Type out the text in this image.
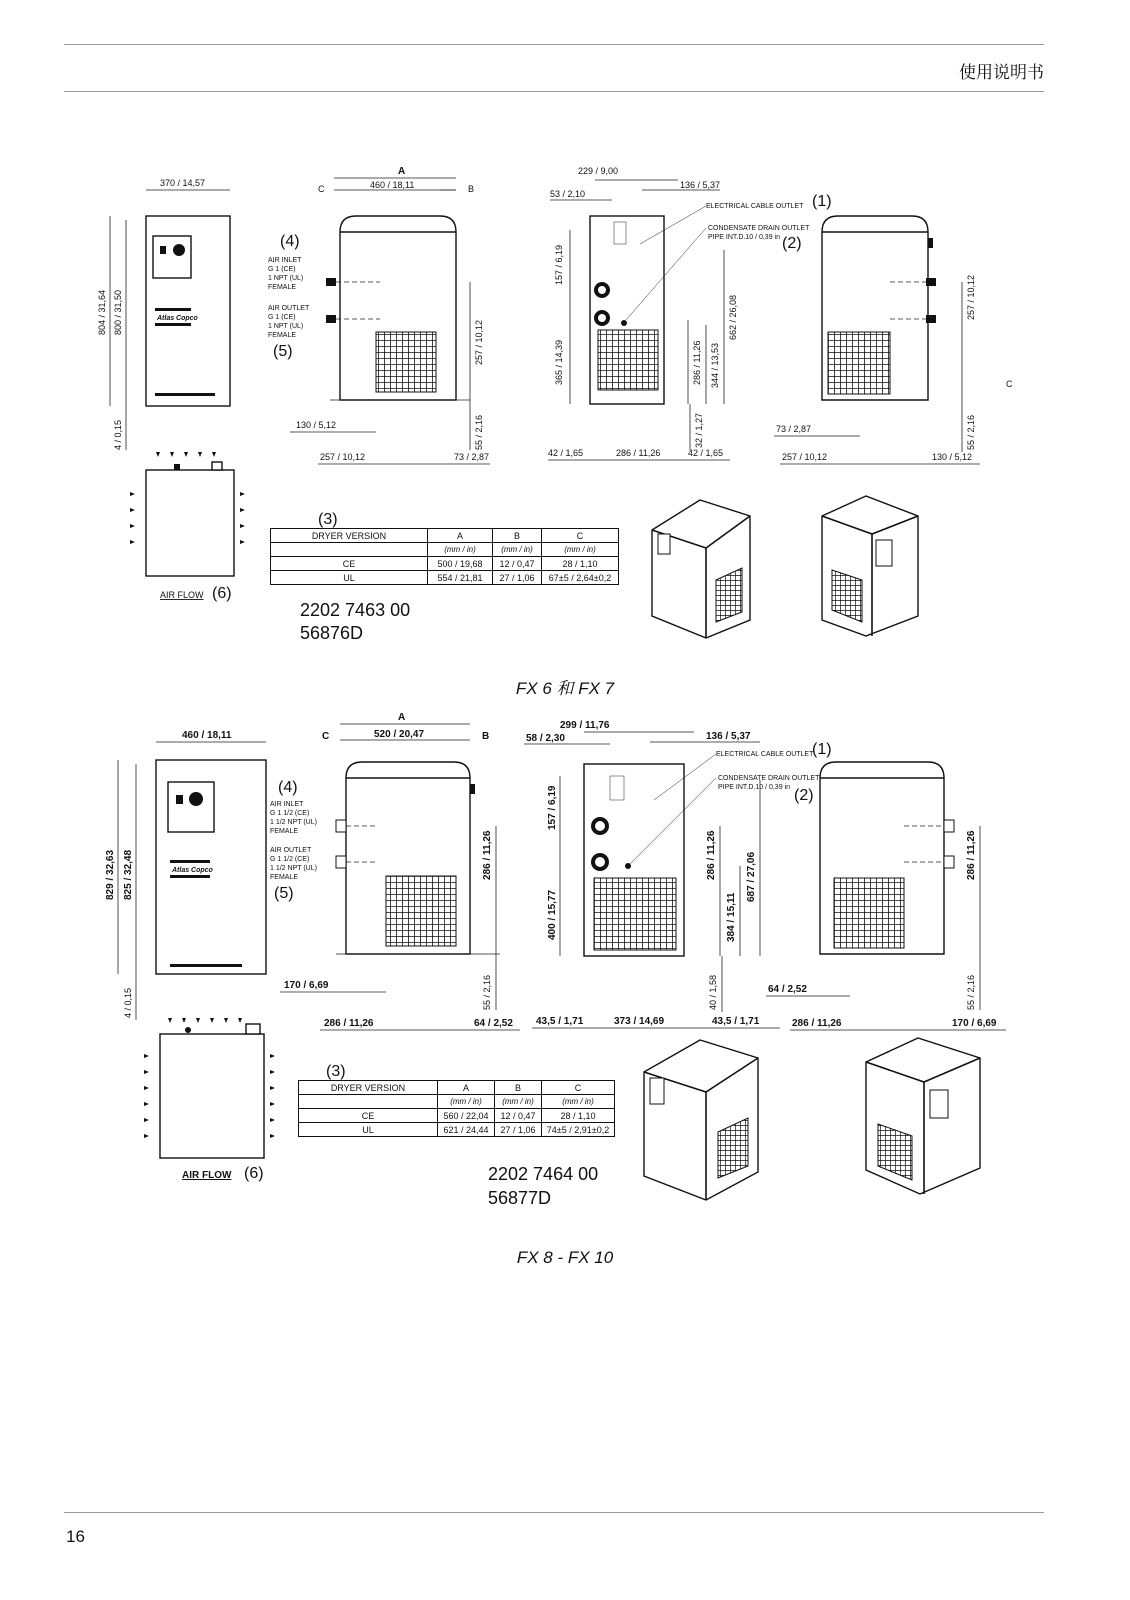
使用说明书
16
Atlas Copco
370 / 14,57
804 / 31,64 800 / 31,50
4 / 0,15
A
460 / 18,11
C	B
257 / 10,12
55 / 2,16
130 / 5,12
257 / 10,12	73 / 2,87
(4)
AIR INLET
G 1 (CE)
1 NPT (UL)
FEMALE
AIR OUTLET
G 1 (CE)
1 NPT (UL)
FEMALE
(5)
229 / 9,00
53 / 2,10
136 / 5,37
ELECTRICAL CABLE OUTLET (1)
CONDENSATE DRAIN OUTLET
PIPE INT.D.10 / 0,39 in (2)
157 / 6,19
365 / 14,39	286 / 11,26 344 / 13,53
662 / 26,08
32 / 1,27
42 / 1,65	286 / 11,26	42 / 1,65
257 / 10,12
C
55 / 2,16
73 / 2,87
257 / 10,12	130 / 5,12
AIR FLOW (6)
(3)
DRYER VERSION	A	B	C
	(mm / in)	(mm / in)	(mm / in)
CE	500 / 19,68	12 / 0,47	28 / 1,10
UL	554 / 21,81	27 / 1,06	67±5 / 2,64±0,2
2202 7463 00
56876D
FX 6 和 FX 7
Atlas Copco
460 / 18,11
829 / 32,63 825 / 32,48
4 / 0,15
A
520 / 20,47
C	B
286 / 11,26
55 / 2,16
170 / 6,69
286 / 11,26	64 / 2,52
(4)
AIR INLET
G 1 1/2 (CE)
1 1/2 NPT (UL)
FEMALE
AIR OUTLET
G 1 1/2 (CE)
1 1/2 NPT (UL)
FEMALE
(5)
299 / 11,76
58 / 2,30	136 / 5,37
ELECTRICAL CABLE OUTLET
(1)
CONDENSATE DRAIN OUTLET
PIPE INT.D.10 / 0,39 in (2)
157 / 6,19
400 / 15,77
286 / 11,26
384 / 15,11
687 / 27,06
40 / 1,58
43,5 / 1,71	373 / 14,69	43,5 / 1,71
286 / 11,26
55 / 2,16
64 / 2,52
286 / 11,26	170 / 6,69
AIR FLOW (6)
(3)
DRYER VERSION	A	B	C
	(mm / in)	(mm / in)	(mm / in)
CE	560 / 22,04	12 / 0,47	28 / 1,10
UL	621 / 24,44	27 / 1,06	74±5 / 2,91±0,2
2202 7464 00
56877D
FX 8 - FX 10
